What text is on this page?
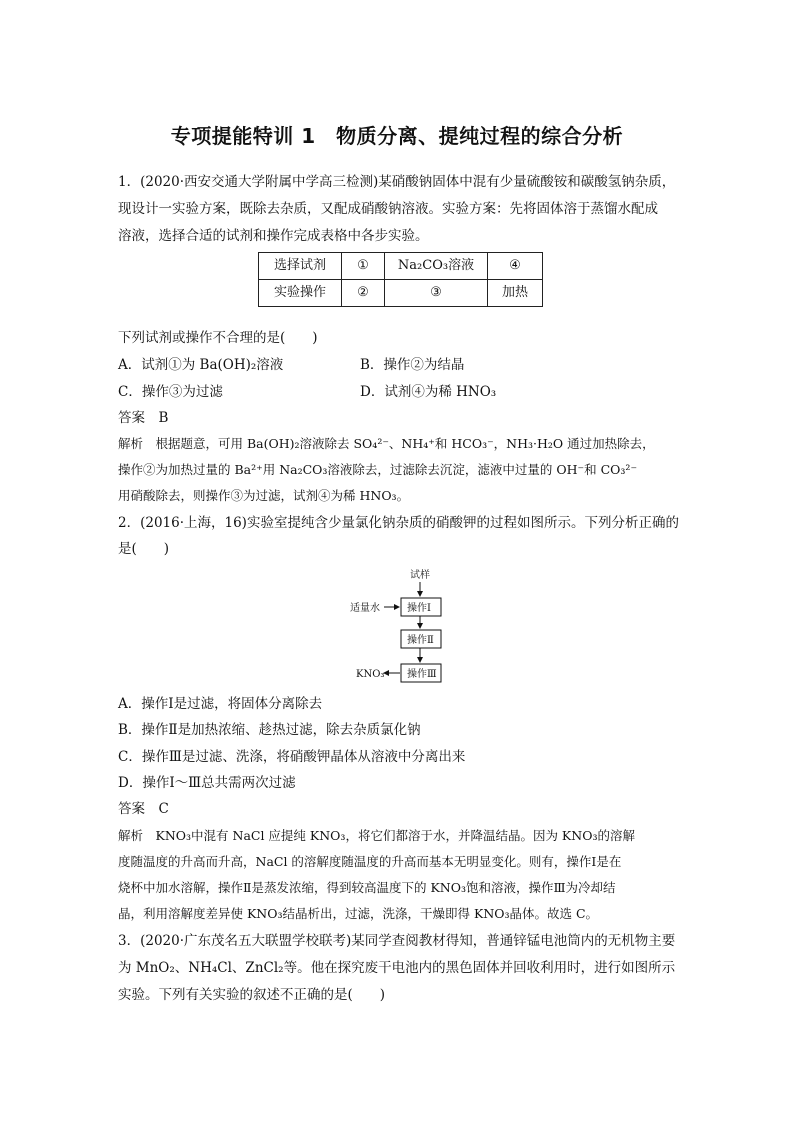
专项提能特训 1　物质分离、提纯过程的综合分析
1．(2020·西安交通大学附属中学高三检测)某硝酸钠固体中混有少量硫酸铵和碳酸氢钠杂质，
现设计一实验方案，既除去杂质，又配成硝酸钠溶液。实验方案：先将固体溶于蒸馏水配成
溶液，选择合适的试剂和操作完成表格中各步实验。
选择试剂	①	Na₂CO₃溶液	④
实验操作	②	③	加热
下列试剂或操作不合理的是(　　)
A．试剂①为 Ba(OH)₂溶液	B．操作②为结晶
C．操作③为过滤	D．试剂④为稀 HNO₃
答案　B
解析　根据题意，可用 Ba(OH)₂溶液除去 SO₄²⁻、NH₄⁺和 HCO₃⁻，NH₃·H₂O 通过加热除去，
操作②为加热过量的 Ba²⁺用 Na₂CO₃溶液除去，过滤除去沉淀，滤液中过量的 OH⁻和 CO₃²⁻
用硝酸除去，则操作③为过滤，试剂④为稀 HNO₃。
2．(2016·上海，16)实验室提纯含少量氯化钠杂质的硝酸钾的过程如图所示。下列分析正确的
是(　　)
试样
操作Ⅰ
适量水
操作Ⅱ
操作Ⅲ
KNO₃
A．操作Ⅰ是过滤，将固体分离除去
B．操作Ⅱ是加热浓缩、趁热过滤，除去杂质氯化钠
C．操作Ⅲ是过滤、洗涤，将硝酸钾晶体从溶液中分离出来
D．操作Ⅰ～Ⅲ总共需两次过滤
答案　C
解析　KNO₃中混有 NaCl 应提纯 KNO₃，将它们都溶于水，并降温结晶。因为 KNO₃的溶解
度随温度的升高而升高，NaCl 的溶解度随温度的升高而基本无明显变化。则有，操作Ⅰ是在
烧杯中加水溶解，操作Ⅱ是蒸发浓缩，得到较高温度下的 KNO₃饱和溶液，操作Ⅲ为冷却结
晶，利用溶解度差异使 KNO₃结晶析出，过滤，洗涤，干燥即得 KNO₃晶体。故选 C。
3．(2020·广东茂名五大联盟学校联考)某同学查阅教材得知，普通锌锰电池筒内的无机物主要
为 MnO₂、NH₄Cl、ZnCl₂等。他在探究废干电池内的黑色固体并回收利用时，进行如图所示
实验。下列有关实验的叙述不正确的是(　　)
